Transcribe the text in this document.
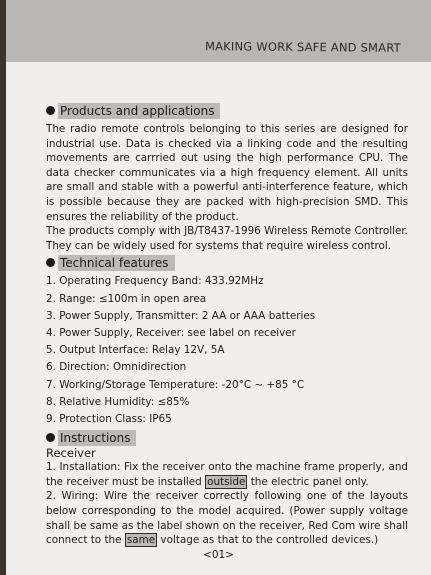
MAKING WORK SAFE AND SMART
Products and applications

The radio remote controls belonging to this series are designed for industrial use. Data is checked via a linking code and the resulting movements are carrried out using the high performance CPU. The data checker communicates via a high frequency element. All units are small and stable with a powerful anti-interference feature, which is possible because they are packed with high-precision SMD. This ensures the reliability of the product.

The products comply with JB/T8437-1996 Wireless Remote Controller. They can be widely used for systems that require wireless control.

Technical features
1. Operating Frequency Band: 433.92MHz
2. Range: ≤100m in open area
3. Power Supply, Transmitter: 2 AA or AAA batteries
4. Power Supply, Receiver: see label on receiver
5. Output Interface: Relay 12V, 5A
6. Direction: Omnidirection
7. Working/Storage Temperature: -20°C ~ +85 °C
8. Relative Humidity: ≤85%
9. Protection Class: IP65
Instructions

Receiver

1. Installation: Fix the receiver onto the machine frame properly, and the receiver must be installed outside the electric panel only.

2. Wiring: Wire the receiver correctly following one of the layouts below corresponding to the model acquired. (Power supply voltage shall be same as the label shown on the receiver, Red Com wire shall connect to the same voltage as that to the controlled devices.)

<01>
